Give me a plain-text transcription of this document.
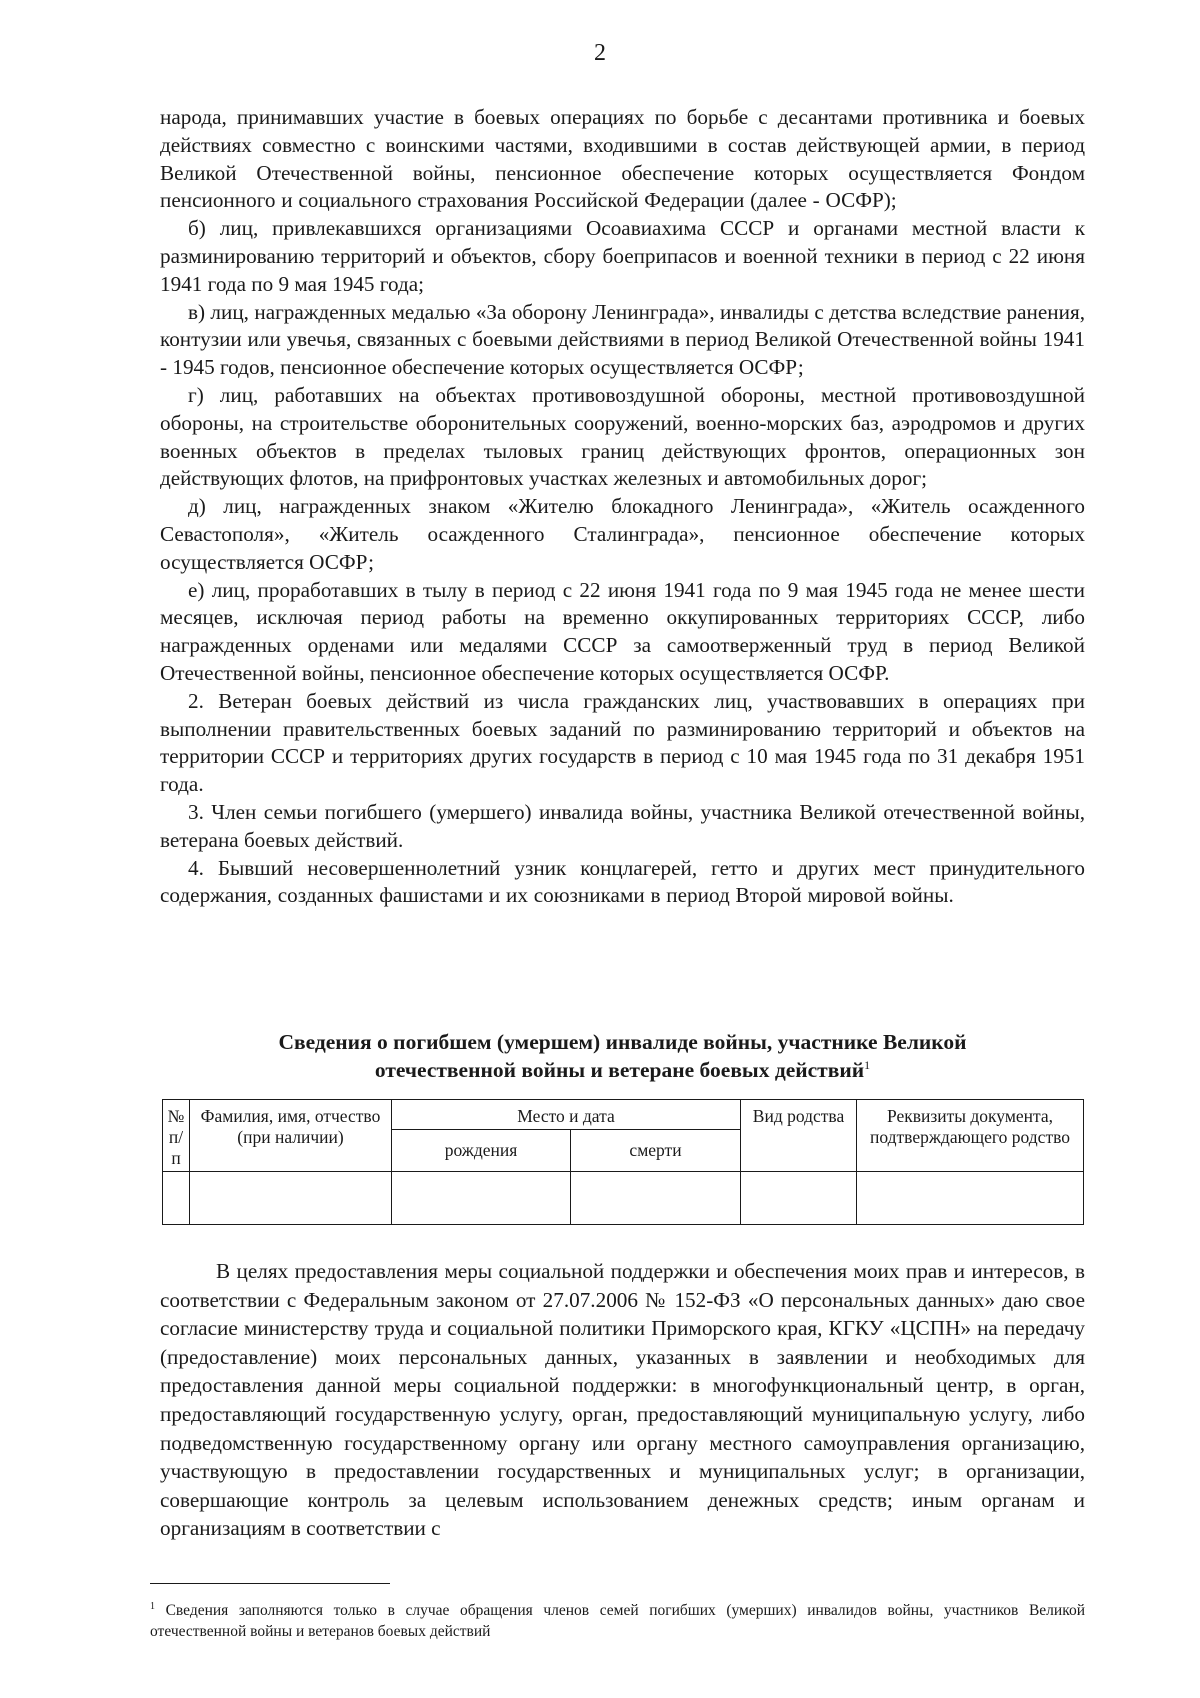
2

народа, принимавших участие в боевых операциях по борьбе с десантами противника и боевых действиях совместно с воинскими частями, входившими в состав действующей армии, в период Великой Отечественной войны, пенсионное обеспечение которых осуществляется Фондом пенсионного и социального страхования Российской Федерации (далее - ОСФР);

б) лиц, привлекавшихся организациями Осоавиахима СССР и органами местной власти к разминированию территорий и объектов, сбору боеприпасов и военной техники в период с 22 июня 1941 года по 9 мая 1945 года;

в) лиц, награжденных медалью «За оборону Ленинграда», инвалиды с детства вследствие ранения, контузии или увечья, связанных с боевыми действиями в период Великой Отечественной войны 1941 - 1945 годов, пенсионное обеспечение которых осуществляется ОСФР;

г) лиц, работавших на объектах противовоздушной обороны, местной противовоздушной обороны, на строительстве оборонительных сооружений, военно-морских баз, аэродромов и других военных объектов в пределах тыловых границ действующих фронтов, операционных зон действующих флотов, на прифронтовых участках железных и автомобильных дорог;

д) лиц, награжденных знаком «Жителю блокадного Ленинграда», «Житель осажденного Севастополя», «Житель осажденного Сталинграда», пенсионное обеспечение которых осуществляется ОСФР;

е) лиц, проработавших в тылу в период с 22 июня 1941 года по 9 мая 1945 года не менее шести месяцев, исключая период работы на временно оккупированных территориях СССР, либо награжденных орденами или медалями СССР за самоотверженный труд в период Великой Отечественной войны, пенсионное обеспечение которых осуществляется ОСФР.

2. Ветеран боевых действий из числа гражданских лиц, участвовавших в операциях при выполнении правительственных боевых заданий по разминированию территорий и объектов на территории СССР и территориях других государств в период с 10 мая 1945 года по 31 декабря 1951 года.

3. Член семьи погибшего (умершего) инвалида войны, участника Великой отечественной войны, ветерана боевых действий.

4. Бывший несовершеннолетний узник концлагерей, гетто и других мест принудительного содержания, созданных фашистами и их союзниками в период Второй мировой войны.

Сведения о погибшем (умершем) инвалиде войны, участнике Великой
отечественной войны и ветеране боевых действий$^1$
№ п/п	Фамилия, имя, отчество (при наличии)	Место и дата		Вид родства	Реквизиты документа, подтверждающего родство
		рождения	смерти		

В целях предоставления меры социальной поддержки и обеспечения моих прав и интересов, в соответствии с Федеральным законом от 27.07.2006 № 152-ФЗ «О персональных данных» даю свое согласие министерству труда и социальной политики Приморского края, КГКУ «ЦСПН» на передачу (предоставление) моих персональных данных, указанных в заявлении и необходимых для предоставления данной меры социальной поддержки: в многофункциональный центр, в орган, предоставляющий государственную услугу, орган, предоставляющий муниципальную услугу, либо подведомственную государственному органу или органу местного самоуправления организацию, участвующую в предоставлении государственных и муниципальных услуг; в организации, совершающие контроль за целевым использованием денежных средств; иным органам и организациям в соответствии с

$^1$ Сведения заполняются только в случае обращения членов семей погибших (умерших) инвалидов войны, участников Великой отечественной войны и ветеранов боевых действий
